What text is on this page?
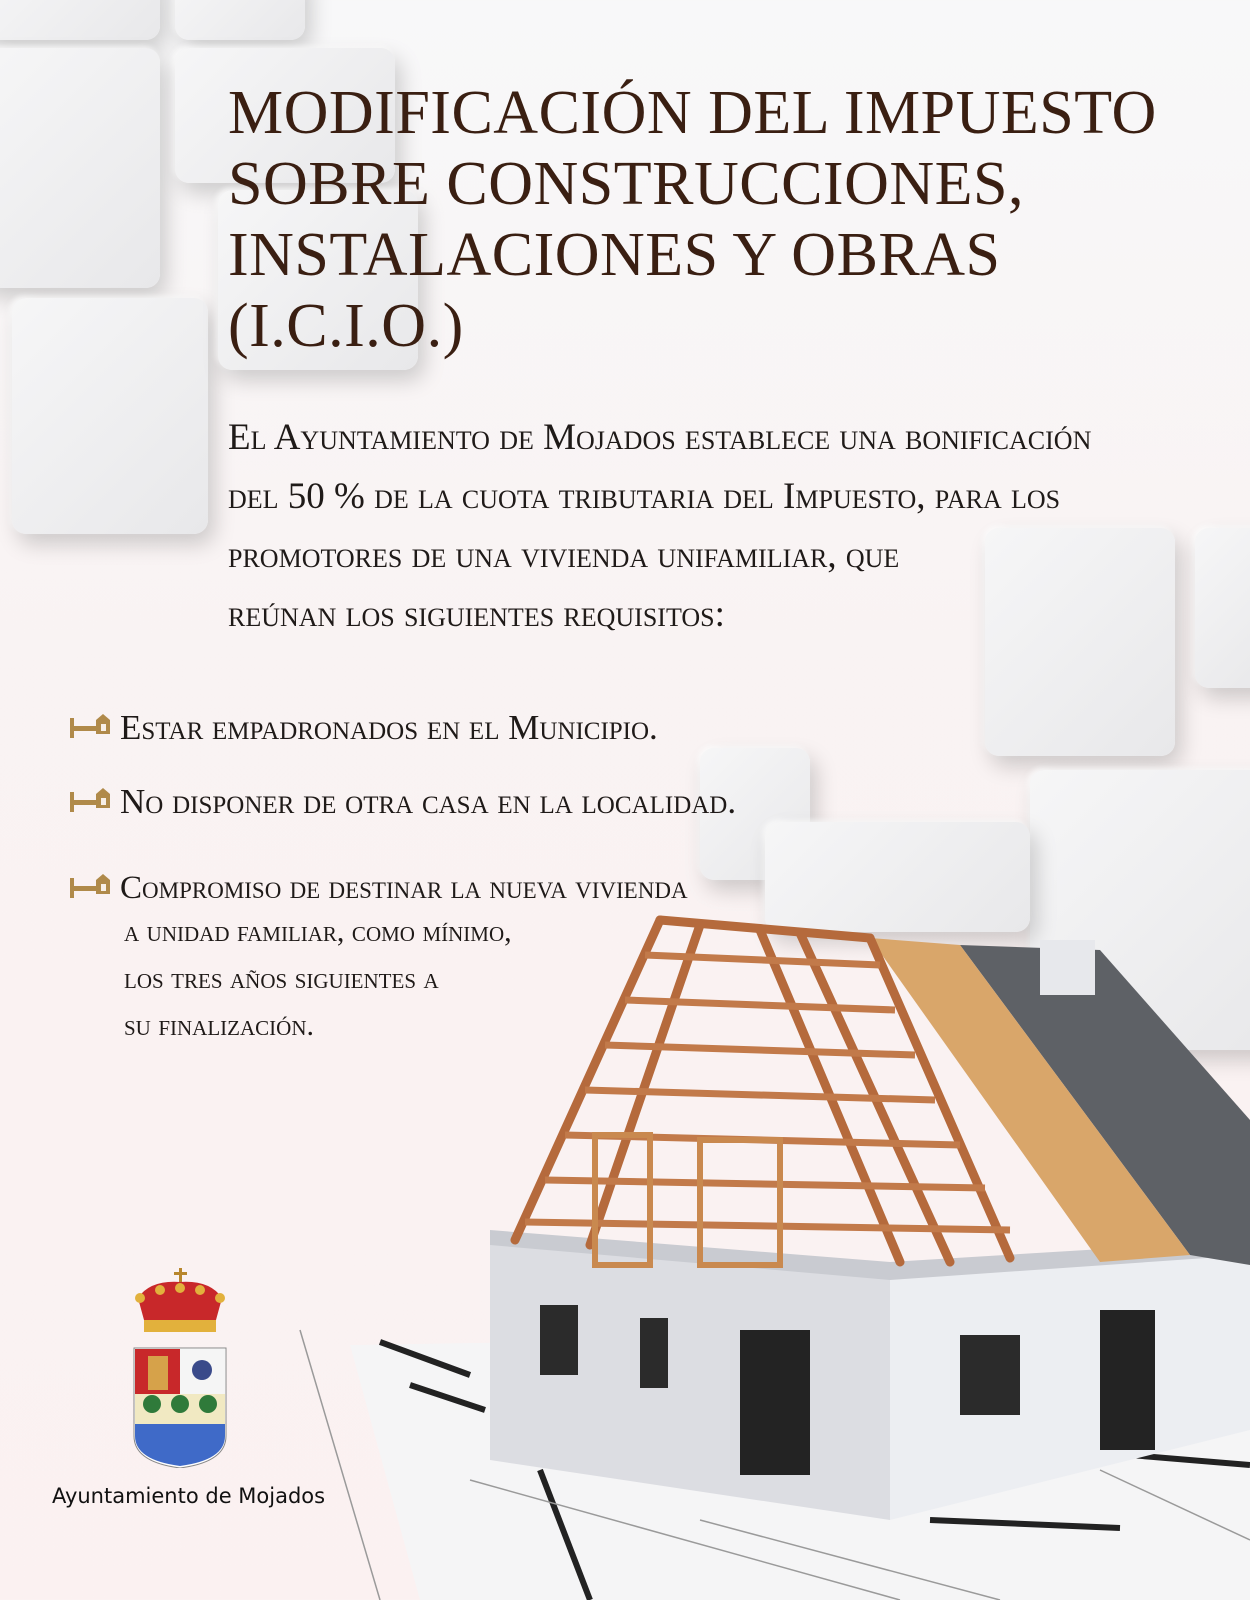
MODIFICACIÓN DEL IMPUESTO
SOBRE CONSTRUCCIONES,
INSTALACIONES Y OBRAS
(I.C.I.O.)

El Ayuntamiento de Mojados establece una bonificación
del 50 % de la cuota tributaria del Impuesto, para los
promotores de una vivienda unifamiliar, que
reúnan los siguientes requisitos:

Estar empadronados en el Municipio.
No disponer de otra casa en la localidad.
Compromiso de destinar la nueva vivienda
a unidad familiar, como mínimo,
los tres años siguientes a
su finalización.
Ayuntamiento de Mojados
